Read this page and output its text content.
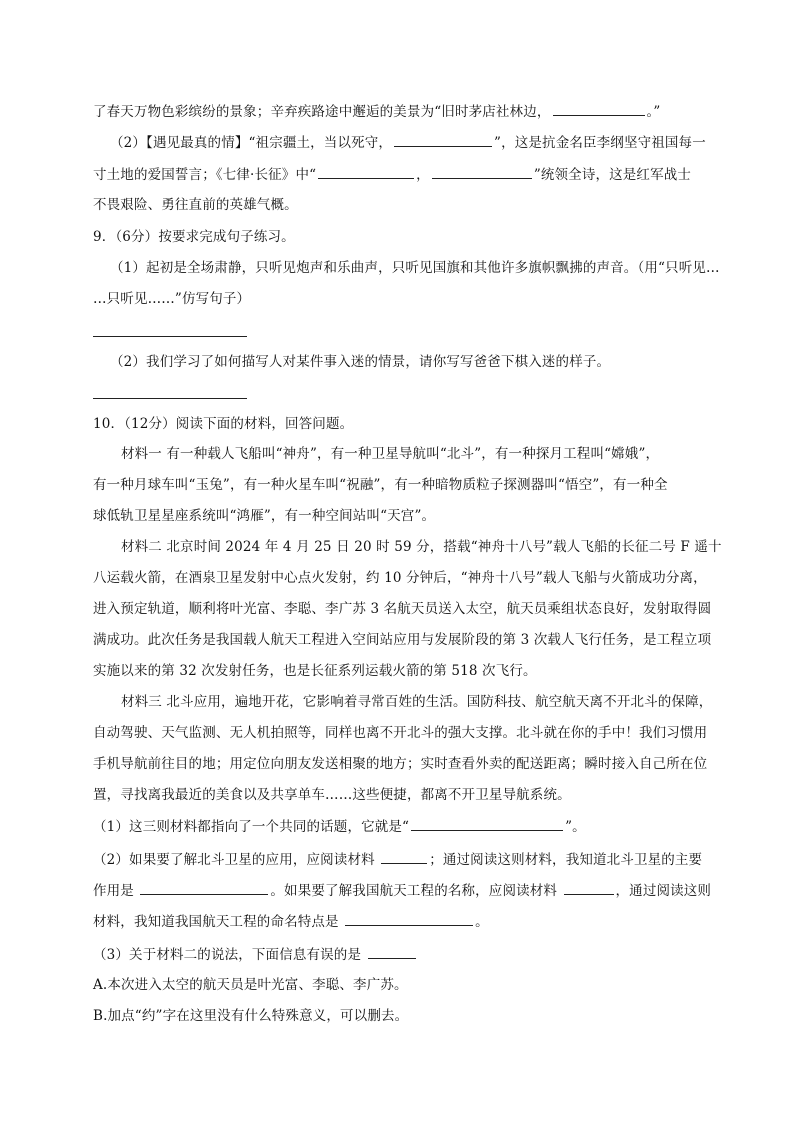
了春天万物色彩缤纷的景象；辛弃疾路途中邂逅的美景为“旧时茅店社林边，	。”
（2）【遇见最真的情】“祖宗疆土，当以死守，	”，这是抗金名臣李纲坚守祖国每一
寸土地的爱国誓言；《七律·长征》中“	，	”统领全诗，这是红军战士
不畏艰险、勇往直前的英雄气概。
9．（6分）按要求完成句子练习。
（1）起初是全场肃静，只听见炮声和乐曲声，只听见国旗和其他许多旗帜飘拂的声音。（用“只听见…
…只听见……”仿写句子）
（2）我们学习了如何描写人对某件事入迷的情景，请你写写爸爸下棋入迷的样子。
10．（12分）阅读下面的材料，回答问题。
材料一 有一种载人飞船叫“神舟”，有一种卫星导航叫“北斗”，有一种探月工程叫“嫦娥”，
有一种月球车叫“玉兔”，有一种火星车叫“祝融”，有一种暗物质粒子探测器叫“悟空”，有一种全
球低轨卫星星座系统叫“鸿雁”，有一种空间站叫“天宫”。
材料二 北京时间 2024 年 4 月 25 日 20 时 59 分，搭载“神舟十八号”载人飞船的长征二号 F 遥十
八运载火箭，在酒泉卫星发射中心点火发射，约 10 分钟后，“神舟十八号”载人飞船与火箭成功分离，
进入预定轨道，顺利将叶光富、李聪、李广苏 3 名航天员送入太空，航天员乘组状态良好，发射取得圆
满成功。此次任务是我国载人航天工程进入空间站应用与发展阶段的第 3 次载人飞行任务，是工程立项
实施以来的第 32 次发射任务，也是长征系列运载火箭的第 518 次飞行。
材料三 北斗应用，遍地开花，它影响着寻常百姓的生活。国防科技、航空航天离不开北斗的保障，
自动驾驶、天气监测、无人机拍照等，同样也离不开北斗的强大支撑。北斗就在你的手中！我们习惯用
手机导航前往目的地；用定位向朋友发送相聚的地方；实时查看外卖的配送距离；瞬时接入自己所在位
置，寻找离我最近的美食以及共享单车……这些便捷，都离不开卫星导航系统。
（1）这三则材料都指向了一个共同的话题，它就是“	”。
（2）如果要了解北斗卫星的应用，应阅读材料	；通过阅读这则材料，我知道北斗卫星的主要
作用是	。如果要了解我国航天工程的名称，应阅读材料	，通过阅读这则
材料，我知道我国航天工程的命名特点是	。
（3）关于材料二的说法，下面信息有误的是
A.本次进入太空的航天员是叶光富、李聪、李广苏。
B.加点“约”字在这里没有什么特殊意义，可以删去。
